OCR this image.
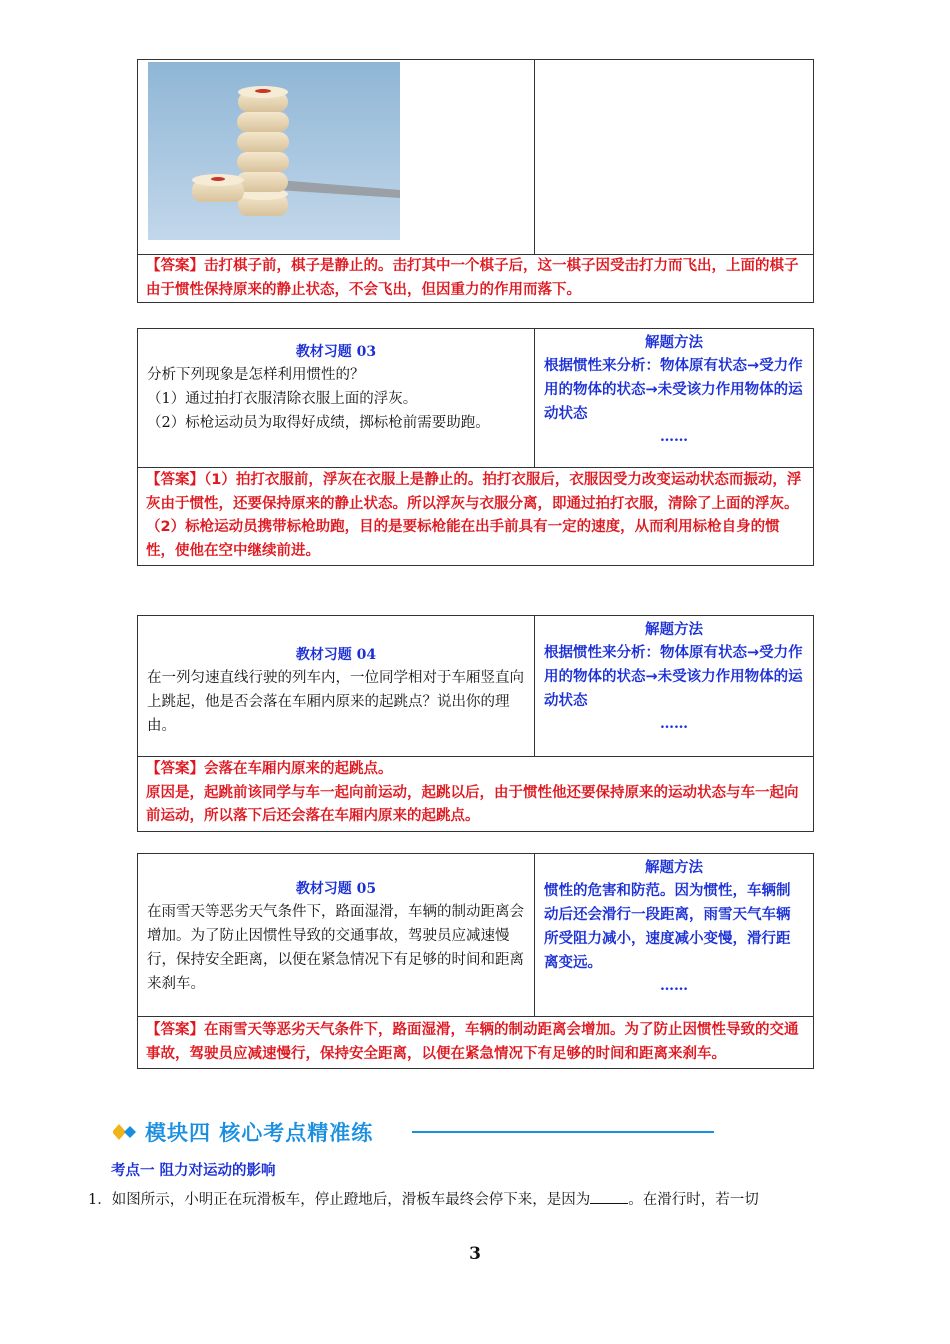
【答案】击打棋子前，棋子是静止的。击打其中一个棋子后，这一棋子因受击打力而飞出，上面的棋子由于惯性保持原来的静止状态，不会飞出，但因重力的作用而落下。
教材习题 03
分析下列现象是怎样利用惯性的？
（1）通过拍打衣服清除衣服上面的浮灰。
（2）标枪运动员为取得好成绩，掷标枪前需要助跑。
解题方法
根据惯性来分析：物体原有状态→受力作用的物体的状态→未受该力作用物体的运动状态
……
【答案】（1）拍打衣服前，浮灰在衣服上是静止的。拍打衣服后，衣服因受力改变运动状态而振动，浮灰由于惯性，还要保持原来的静止状态。所以浮灰与衣服分离，即通过拍打衣服，清除了上面的浮灰。
（2）标枪运动员携带标枪助跑，目的是要标枪能在出手前具有一定的速度，从而利用标枪自身的惯性，使他在空中继续前进。
教材习题 04
在一列匀速直线行驶的列车内，一位同学相对于车厢竖直向上跳起，他是否会落在车厢内原来的起跳点？说出你的理由。
解题方法
根据惯性来分析：物体原有状态→受力作用的物体的状态→未受该力作用物体的运动状态
……
【答案】会落在车厢内原来的起跳点。
原因是，起跳前该同学与车一起向前运动，起跳以后，由于惯性他还要保持原来的运动状态与车一起向前运动，所以落下后还会落在车厢内原来的起跳点。
教材习题 05
在雨雪天等恶劣天气条件下，路面湿滑，车辆的制动距离会增加。为了防止因惯性导致的交通事故，驾驶员应减速慢行，保持安全距离，以便在紧急情况下有足够的时间和距离来刹车。
解题方法
惯性的危害和防范。因为惯性，车辆制动后还会滑行一段距离，雨雪天气车辆所受阻力减小，速度减小变慢，滑行距离变远。
……
【答案】在雨雪天等恶劣天气条件下，路面湿滑，车辆的制动距离会增加。为了防止因惯性导致的交通事故，驾驶员应减速慢行，保持安全距离，以便在紧急情况下有足够的时间和距离来刹车。
模块四 核心考点精准练
考点一 阻力对运动的影响
1．如图所示，小明正在玩滑板车，停止蹬地后，滑板车最终会停下来，是因为	。在滑行时，若一切
3
